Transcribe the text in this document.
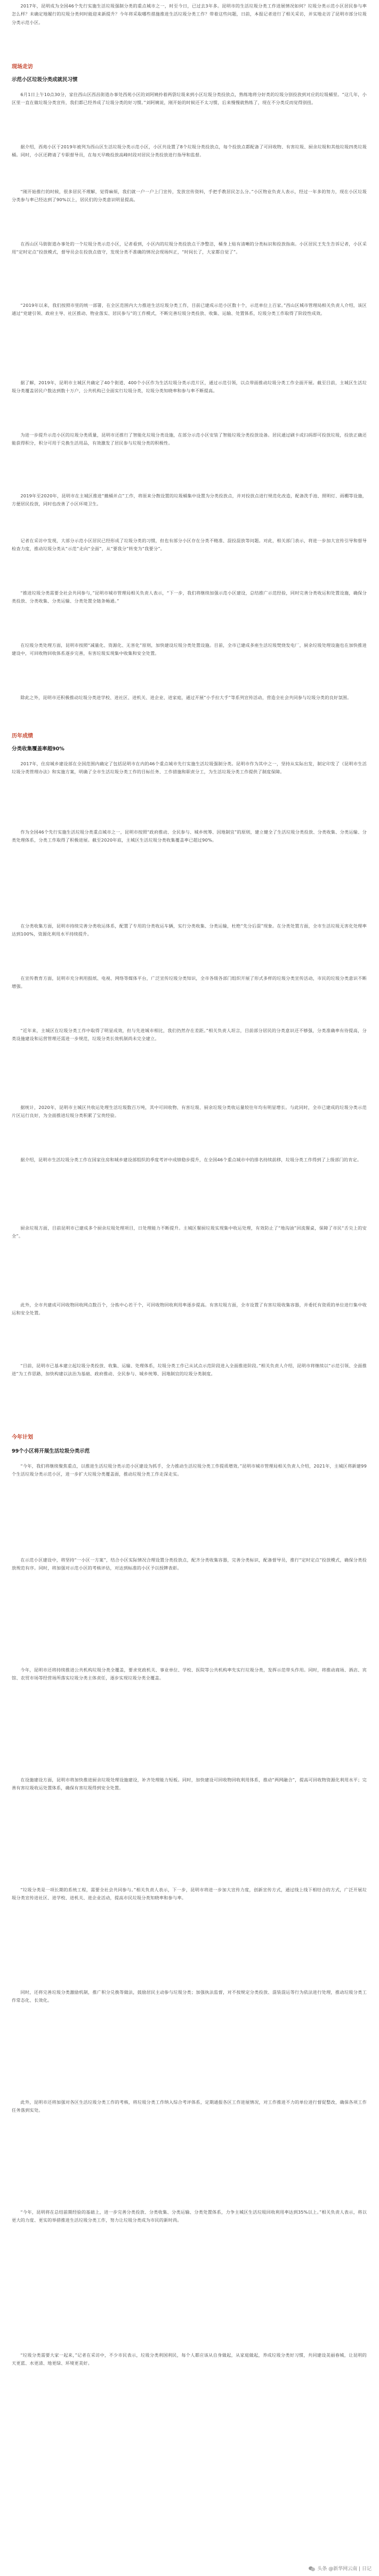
2017年，昆明成为全国46个先行实施生活垃圾强制分类的重点城市之一，时至今日，已过去3年多。昆明市的生活垃圾分类工作进展情况如何？垃圾分类示范小区居民参与率怎么样？未确定地履行的垃圾分类何时能迎来新提升？今年将采取哪些措施推进生活垃圾分类工作？带着这些问题，日前，本报记者进行了相关采访，并实地走访了昆明市部分垃圾分类示范小区。
现场走访
示范小区垃圾分类成就民习惯
6月1日上午10点30分，家住西山区西昌街道办事处西苑小区的刘阿姨拎着两袋垃圾来到小区垃圾分类投放点，熟练地将分好类的垃圾分别投放到对应的垃圾桶里。“这几年，小区里一直在做垃圾分类宣传，我们都已经养成了垃圾分类的好习惯。”刘阿姨说，刚开始的时候还不太习惯，后来慢慢就熟练了，现在不分类反而觉得别扭。
据介绍，西苑小区于2019年被列为西山区生活垃圾分类示范小区，小区共设置了8个垃圾分类投放点，每个投放点都配备了可回收物、有害垃圾、厨余垃圾和其他垃圾四类垃圾桶。同时，小区还聘请了专职督导员，在每天早晚投放高峰时段对居民分类投放进行指导和监督。
“刚开始推行的时候，很多居民不理解，觉得麻烦，我们就一户一户上门宣传，发放宣传资料，手把手教居民怎么分。”小区物业负责人表示，经过一年多的努力，现在小区垃圾分类参与率已经达到了90%以上，居民们的分类意识明显提高。
在西山区马街街道办事处的一个垃圾分类示范小区，记者看到，小区内的垃圾分类投放点干净整洁，桶身上贴有清晰的分类标识和投放指南。小区居民王先生告诉记者，小区采用“定时定点”投放模式，督导员会在投放点值守，发现分类不准确的情况会现场纠正，“时间长了，大家都自觉了”。
“2019年以来，我们按照市里的统一部署，在全区范围内大力推进生活垃圾分类工作，目前已建成示范小区数十个，示范单位上百家。”西山区城市管理局相关负责人介绍，该区通过“党建引领、政府主导、社区推动、物业落实、居民参与”的工作模式，不断完善垃圾分类投放、收集、运输、处置体系，垃圾分类工作取得了阶段性成效。
据了解，2019年，昆明市主城区共确定了40个街道、400个小区作为生活垃圾分类示范片区，通过示范引领，以点带面推动垃圾分类工作全面开展。截至目前，主城区生活垃圾分类覆盖居民户数达到数十万户，公共机构已全面实行垃圾分类，垃圾分类知晓率和参与率不断提高。
为进一步提升示范小区的垃圾分类质量，昆明市还推行了智能化垃圾分类设施，在部分示范小区安装了智能垃圾分类投放设备。居民通过刷卡或扫码即可投放垃圾，投放正确还能获得积分，积分可用于兑换生活用品，有效激发了居民参与垃圾分类的积极性。
2019年至2020年，昆明市在主城区推进“撤桶并点”工作，将原来分散设置的垃圾桶集中设置为分类投放点，并对投放点进行规范化改造，配备洗手池、照明灯、雨棚等设施，方便居民投放，同时也改善了小区环境卫生。
记者在采访中发现，大部分示范小区居民已经形成了垃圾分类的习惯，但也有部分小区存在分类不精准、混投混放等问题。对此，相关部门表示，将进一步加大宣传引导和督导检查力度，推动垃圾分类从“示范”走向“全面”，从“要我分”转变为“我要分”。
“推进垃圾分类需要全社会共同参与，”昆明市城市管理局相关负责人表示，“下一步，我们将继续加强示范小区建设，总结推广示范经验，同时完善分类收运和处置设施，确保分类投放、分类收集、分类运输、分类处置全链条畅通。”
在垃圾分类处理方面，昆明市按照“减量化、资源化、无害化”原则，加快建设垃圾分类处置设施。目前，全市已建成多座生活垃圾焚烧发电厂，厨余垃圾处理设施也在加快推进建设中，可回收物回收体系逐步完善，有害垃圾实现集中收集和安全处置。
除此之外，昆明市还积极推动垃圾分类进学校、进社区、进机关、进企业、进家庭，通过开展“小手拉大手”等系列宣传活动，营造全社会共同参与垃圾分类的良好氛围。
历年成绩
分类收集覆盖率超90%
2017年，住房城乡建设部在全国范围内确定了包括昆明市在内的46个重点城市先行实施生活垃圾强制分类。昆明市作为其中之一，坚持从实际出发，制定印发了《昆明市生活垃圾分类管理办法》和实施方案，明确了全市生活垃圾分类工作的目标任务、工作措施和职责分工，为生活垃圾分类工作提供了制度保障。
作为全国46个先行实施生活垃圾分类重点城市之一，昆明市按照“政府推动、全民参与、城乡统筹、因地制宜”的原则，建立健全了生活垃圾分类投放、分类收集、分类运输、分类处理体系，分类工作取得了积极进展。截至2020年底，主城区生活垃圾分类收集覆盖率已超过90%。
在分类收集方面，昆明市持续完善分类收运体系，配置了专用的分类收运车辆，实行分类收集、分类运输，杜绝“先分后混”现象。在分类处置方面，全市生活垃圾无害化处理率达到100%，资源化利用水平持续提升。
在宣传教育方面，昆明市充分利用报纸、电视、网络等媒体平台，广泛宣传垃圾分类知识，全市各级各部门组织开展了形式多样的垃圾分类宣传活动，市民的垃圾分类意识不断增强。
“近年来，主城区在垃圾分类工作中取得了明显成效，但与先进城市相比，我们仍然存在差距。”相关负责人坦言，目前部分居民的分类意识还不够强，分类准确率有待提高，分类设施建设和运营管理还需进一步规范，垃圾分类长效机制尚未完全建立。
据统计，2020年，昆明市主城区共收运处理生活垃圾数百万吨，其中可回收物、有害垃圾、厨余垃圾分类收运量较往年均有明显增长。与此同时，全市已建成的垃圾分类示范片区运行良好，为全面推进垃圾分类积累了宝贵经验。
据介绍，昆明市生活垃圾分类工作在国家住房和城乡建设部组织的季度考评中成绩稳步提升，在全国46个重点城市中的排名持续前移，垃圾分类工作得到了上级部门的肯定。
厨余垃圾方面，目前昆明市已建成多个厨余垃圾处理项目，日处理能力不断提升。主城区餐厨垃圾实现集中收运处理，有效防止了“地沟油”回流餐桌，保障了市民“舌尖上的安全”。
此外，全市共建成可回收物回收网点数百个，分拣中心若干个，可回收物回收利用率逐步提高。有害垃圾方面，全市设置了有害垃圾收集容器，并委托有资质的单位进行集中收运和安全处置。
“目前，昆明市已基本建立起垃圾分类投放、收集、运输、处理体系，垃圾分类工作已从试点示范阶段进入全面推进阶段。”相关负责人介绍，昆明市将继续以“示范引领、全面推进”为工作思路，加快构建以法治为基础、政府推动、全民参与、城乡统筹、因地制宜的垃圾分类制度。
今年计划
99个小区将开展生活垃圾分类示范
“今年，我们将继续聚焦重点，以推进生活垃圾分类示范小区建设为抓手，全力推动生活垃圾分类工作提质增效。”昆明市城市管理局相关负责人介绍，2021年，主城区将新建99个生活垃圾分类示范小区，进一步扩大垃圾分类覆盖面，推动垃圾分类工作走深走实。
在示范小区建设中，将坚持“一小区一方案”，结合小区实际情况合理设置分类投放点，配齐分类收集容器，完善分类标识，配备督导员，推行“定时定点”投放模式，确保分类投放规范有序。同时，将加强对示范小区的考核评估，对达到标准的小区予以授牌表彰。
今年，昆明市还将持续推进公共机构垃圾分类全覆盖，要求党政机关、事业单位、学校、医院等公共机构率先实行垃圾分类，发挥示范带头作用。同时，将推动商场、酒店、宾馆、农贸市场等经营场所落实垃圾分类主体责任，逐步实现垃圾分类全覆盖。
在设施建设方面，昆明市将加快推进厨余垃圾处理设施建设，补齐处理能力短板。同时，加快建设可回收物回收利用体系，推动“两网融合”，提高可回收物资源化利用水平；完善有害垃圾收运处置体系，确保有害垃圾得到安全处置。
“垃圾分类是一项长期的系统工程，需要全社会共同参与。”相关负责人表示，下一步，昆明市将进一步加大宣传力度，创新宣传方式，通过线上线下相结合的方式，广泛开展垃圾分类宣传进社区、进学校、进机关、进企业活动，提高市民垃圾分类知晓率和参与率。
同时，还将完善垃圾分类激励机制，推广积分兑换等做法，鼓励居民主动参与垃圾分类；加强执法监督，对不按规定分类投放、混装混运等行为依法进行处理，推动垃圾分类工作常态化、长效化。
此外，昆明市还将加强对各区生活垃圾分类工作的考核，将垃圾分类工作纳入综合考评体系，定期通报各区工作进展情况，对工作推进不力的单位进行督促整改，确保各项工作任务落到实处。
“今年，昆明将在总结前期经验的基础上，进一步完善分类投放、分类收集、分类运输、分类处置体系，力争主城区生活垃圾回收利用率达到35%以上。”相关负责人表示，将以更大的力度、更实的举措推进生活垃圾分类工作，努力让垃圾分类成为市民的新时尚。
“垃圾分类需要大家一起来，”记者在采访中，不少市民表示，垃圾分类利国利民，每个人都应该从自身做起，从家庭做起，养成垃圾分类好习惯，共同建设美丽春城，让昆明的天更蓝、水更清、地更绿、环境更美好。
头条 @新华网云南 | 日记
